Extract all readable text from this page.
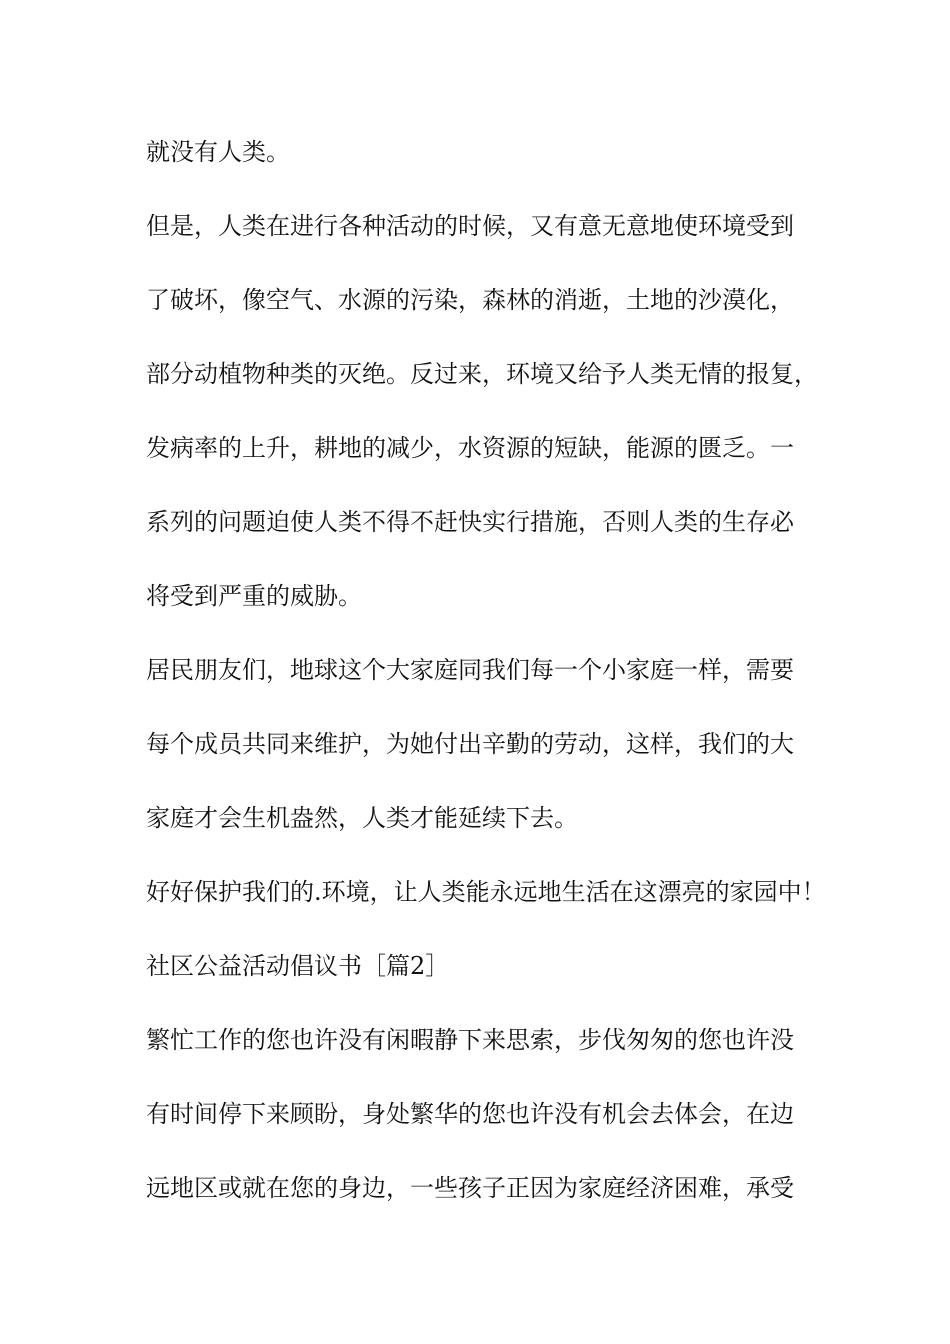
就没有人类。

但是，人类在进行各种活动的时候，又有意无意地使环境受到

了破坏，像空气、水源的污染，森林的消逝，土地的沙漠化，

部分动植物种类的灭绝。反过来，环境又给予人类无情的报复，

发病率的上升，耕地的减少，水资源的短缺，能源的匮乏。一

系列的问题迫使人类不得不赶快实行措施，否则人类的生存必

将受到严重的威胁。

居民朋友们，地球这个大家庭同我们每一个小家庭一样，需要

每个成员共同来维护，为她付出辛勤的劳动，这样，我们的大

家庭才会生机盎然，人类才能延续下去。

好好保护我们的.环境，让人类能永远地生活在这漂亮的家园中！

社区公益活动倡议书［篇2］

繁忙工作的您也许没有闲暇静下来思索，步伐匆匆的您也许没

有时间停下来顾盼，身处繁华的您也许没有机会去体会，在边

远地区或就在您的身边，一些孩子正因为家庭经济困难，承受
